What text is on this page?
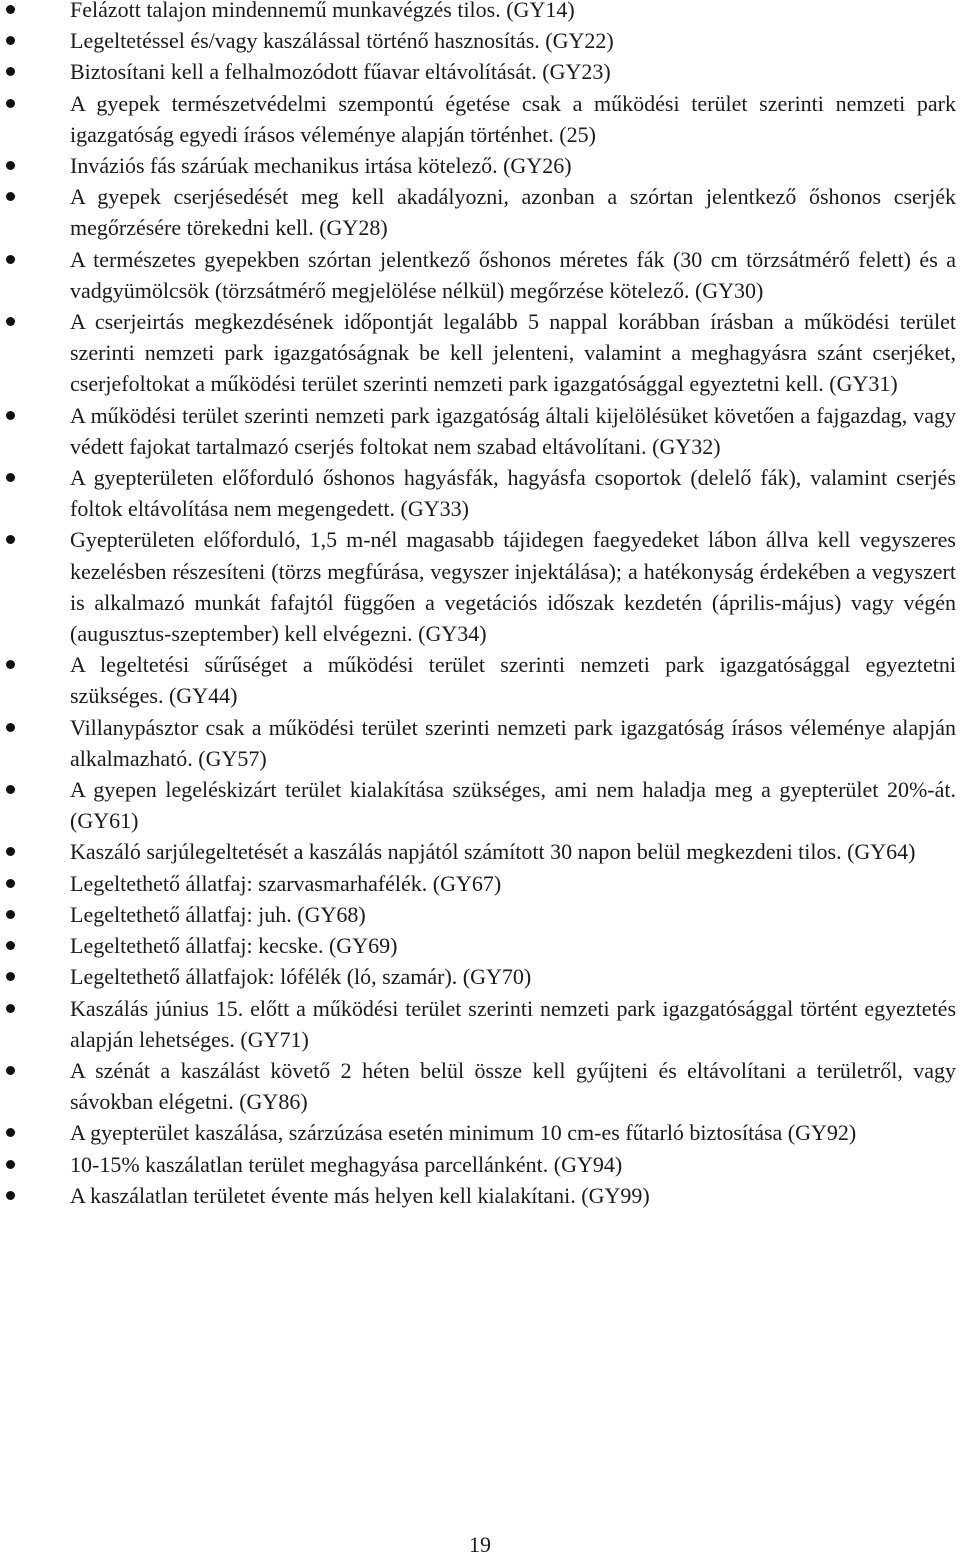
Felázott talajon mindennemű munkavégzés tilos. (GY14)
Legeltetéssel és/vagy kaszálással történő hasznosítás. (GY22)
Biztosítani kell a felhalmozódott fűavar eltávolítását. (GY23)
A gyepek természetvédelmi szempontú égetése csak a működési terület szerinti nemzeti park igazgatóság egyedi írásos véleménye alapján történhet. (25)
Inváziós fás szárúak mechanikus irtása kötelező. (GY26)
A gyepek cserjésedését meg kell akadályozni, azonban a szórtan jelentkező őshonos cserjék megőrzésére törekedni kell. (GY28)
A természetes gyepekben szórtan jelentkező őshonos méretes fák (30 cm törzsátmérő felett) és a vadgyümölcsök (törzsátmérő megjelölése nélkül) megőrzése kötelező. (GY30)
A cserjeirtás megkezdésének időpontját legalább 5 nappal korábban írásban a működési terület szerinti nemzeti park igazgatóságnak be kell jelenteni, valamint a meghagyásra szánt cserjéket, cserjefoltokat a működési terület szerinti nemzeti park igazgatósággal egyeztetni kell. (GY31)
A működési terület szerinti nemzeti park igazgatóság általi kijelölésüket követően a fajgazdag, vagy védett fajokat tartalmazó cserjés foltokat nem szabad eltávolítani. (GY32)
A gyepterületen előforduló őshonos hagyásfák, hagyásfa csoportok (delelő fák), valamint cserjés foltok eltávolítása nem megengedett. (GY33)
Gyepterületen előforduló, 1,5 m-nél magasabb tájidegen faegyedeket lábon állva kell vegyszeres kezelésben részesíteni (törzs megfúrása, vegyszer injektálása); a hatékonyság érdekében a vegyszert is alkalmazó munkát fafajtól függően a vegetációs időszak kezdetén (április-május) vagy végén (augusztus-szeptember) kell elvégezni. (GY34)
A legeltetési sűrűséget a működési terület szerinti nemzeti park igazgatósággal egyeztetni szükséges. (GY44)
Villanypásztor csak a működési terület szerinti nemzeti park igazgatóság írásos véleménye alapján alkalmazható. (GY57)
A gyepen legeléskizárt terület kialakítása szükséges, ami nem haladja meg a gyepterület 20%-át. (GY61)
Kaszáló sarjúlegeltetését a kaszálás napjától számított 30 napon belül megkezdeni tilos. (GY64)
Legeltethető állatfaj: szarvasmarhafélék. (GY67)
Legeltethető állatfaj: juh. (GY68)
Legeltethető állatfaj: kecske. (GY69)
Legeltethető állatfajok: lófélék (ló, szamár). (GY70)
Kaszálás június 15. előtt a működési terület szerinti nemzeti park igazgatósággal történt egyeztetés alapján lehetséges. (GY71)
A szénát a kaszálást követő 2 héten belül össze kell gyűjteni és eltávolítani a területről, vagy sávokban elégetni. (GY86)
A gyepterület kaszálása, szárzúzása esetén minimum 10 cm-es fűtarló biztosítása (GY92)
10-15% kaszálatlan terület meghagyása parcellánként. (GY94)
A kaszálatlan területet évente más helyen kell kialakítani. (GY99)
19
